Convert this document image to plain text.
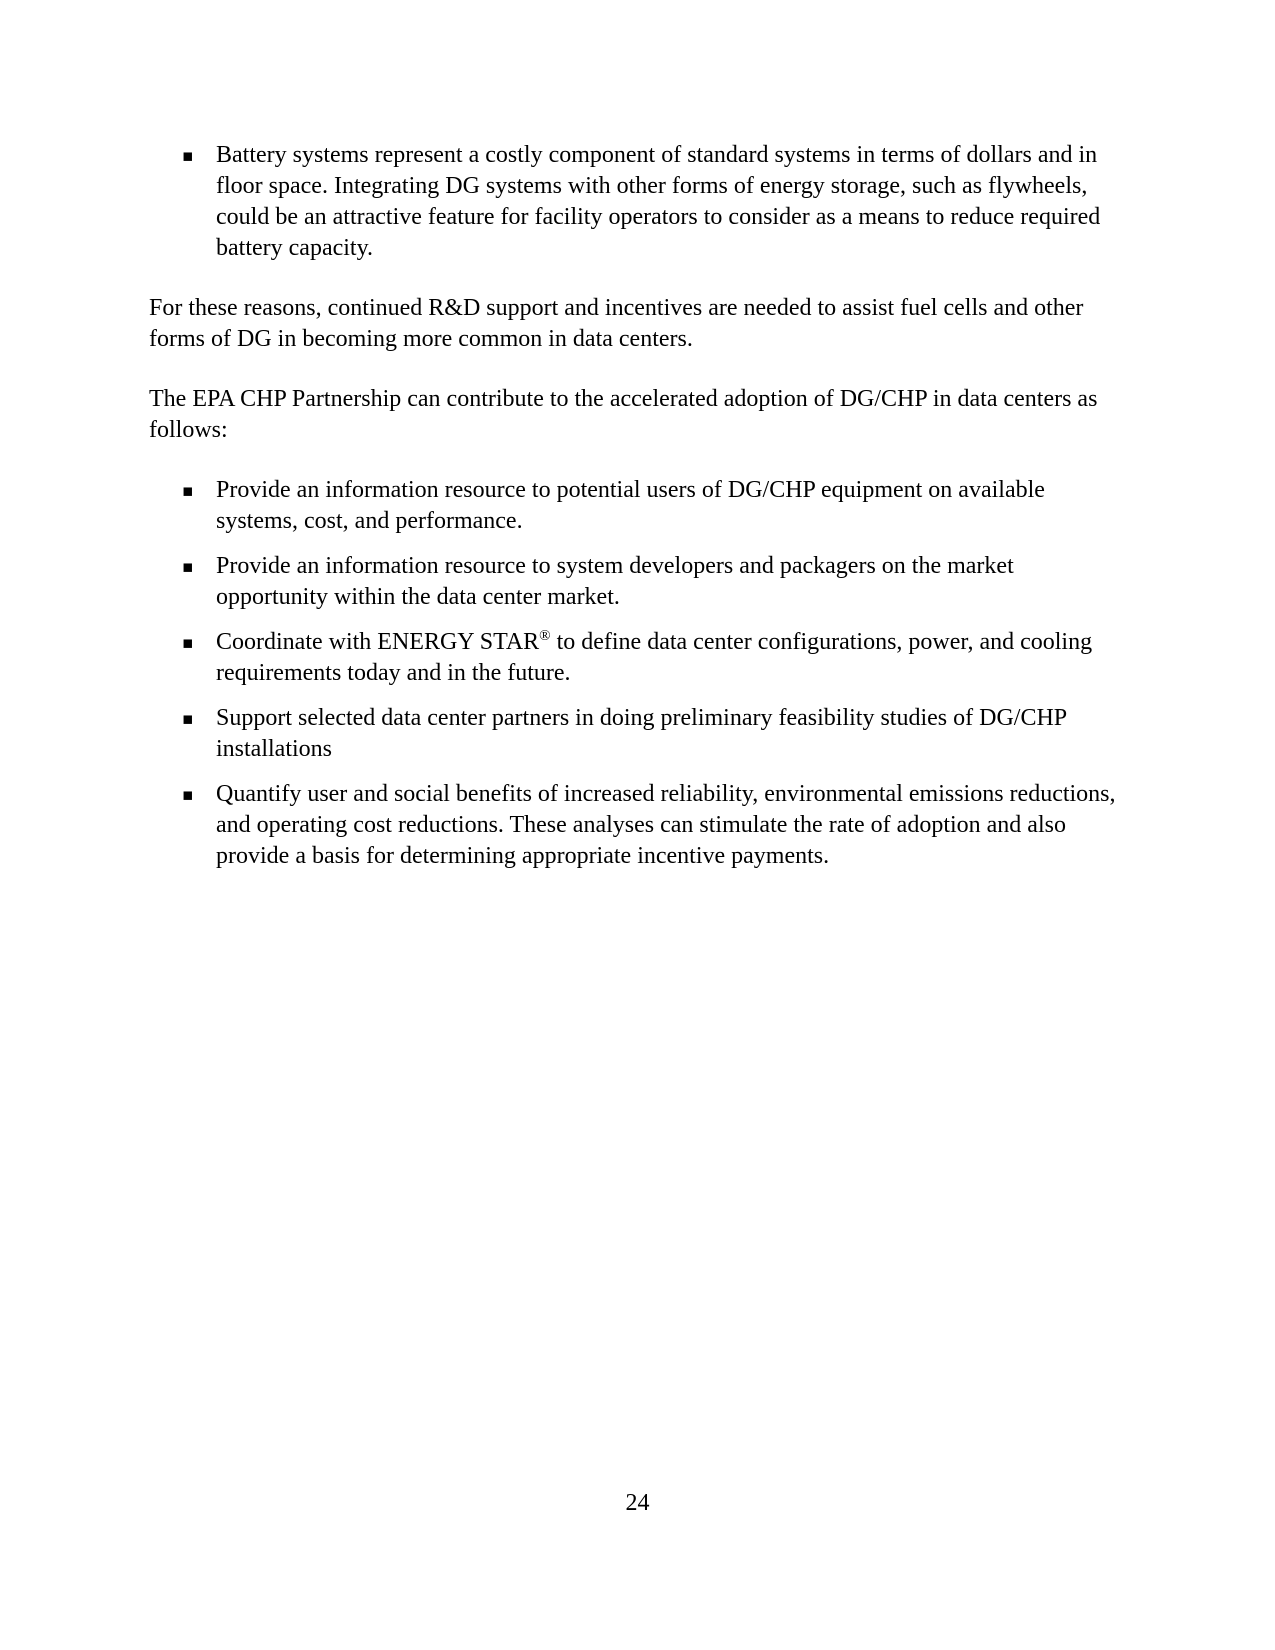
▪ Battery systems represent a costly component of standard systems in terms of dollars and in floor space. Integrating DG systems with other forms of energy storage, such as flywheels, could be an attractive feature for facility operators to consider as a means to reduce required battery capacity.

For these reasons, continued R&D support and incentives are needed to assist fuel cells and other forms of DG in becoming more common in data centers.

The EPA CHP Partnership can contribute to the accelerated adoption of DG/CHP in data centers as follows:

▪ Provide an information resource to potential users of DG/CHP equipment on available systems, cost, and performance.
▪ Provide an information resource to system developers and packagers on the market opportunity within the data center market.
▪ Coordinate with ENERGY STAR® to define data center configurations, power, and cooling requirements today and in the future.
▪ Support selected data center partners in doing preliminary feasibility studies of DG/CHP installations
▪ Quantify user and social benefits of increased reliability, environmental emissions reductions, and operating cost reductions. These analyses can stimulate the rate of adoption and also provide a basis for determining appropriate incentive payments.
24
